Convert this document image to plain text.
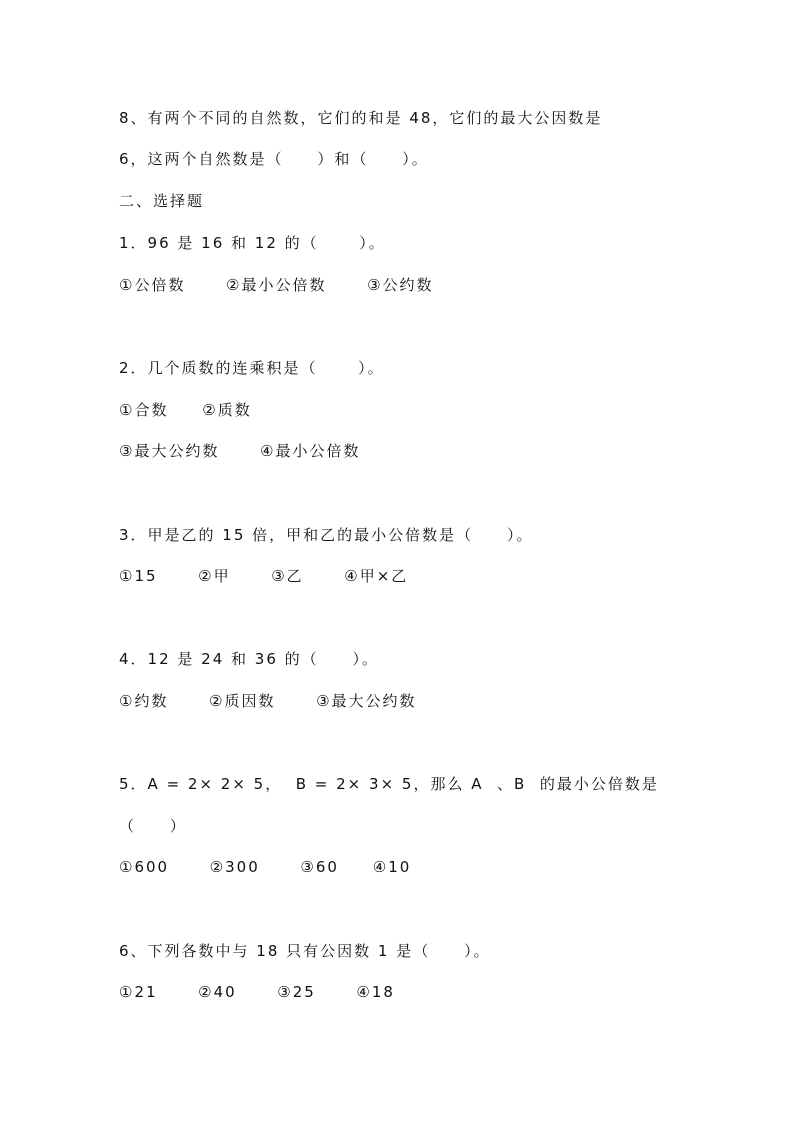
8、有两个不同的自然数，它们的和是 48，它们的最大公因数是
6，这两个自然数是（     ）和（     ）。
二、选择题
1．96 是 16 和 12 的（      ）。
①公倍数      ②最小公倍数      ③公约数
2．几个质数的连乘积是（      ）。
①合数     ②质数
③最大公约数      ④最小公倍数
3．甲是乙的 15 倍，甲和乙的最小公倍数是（     ）。
①15      ②甲      ③乙      ④甲×乙
4．12 是 24 和 36 的（     ）。
①约数      ②质因数      ③最大公约数
5．A = 2× 2× 5，  B = 2× 3× 5，那么 A  、B  的最小公倍数是
（     ）
①600      ②300      ③60     ④10
6、下列各数中与 18 只有公因数 1 是（     ）。
①21      ②40      ③25      ④18
